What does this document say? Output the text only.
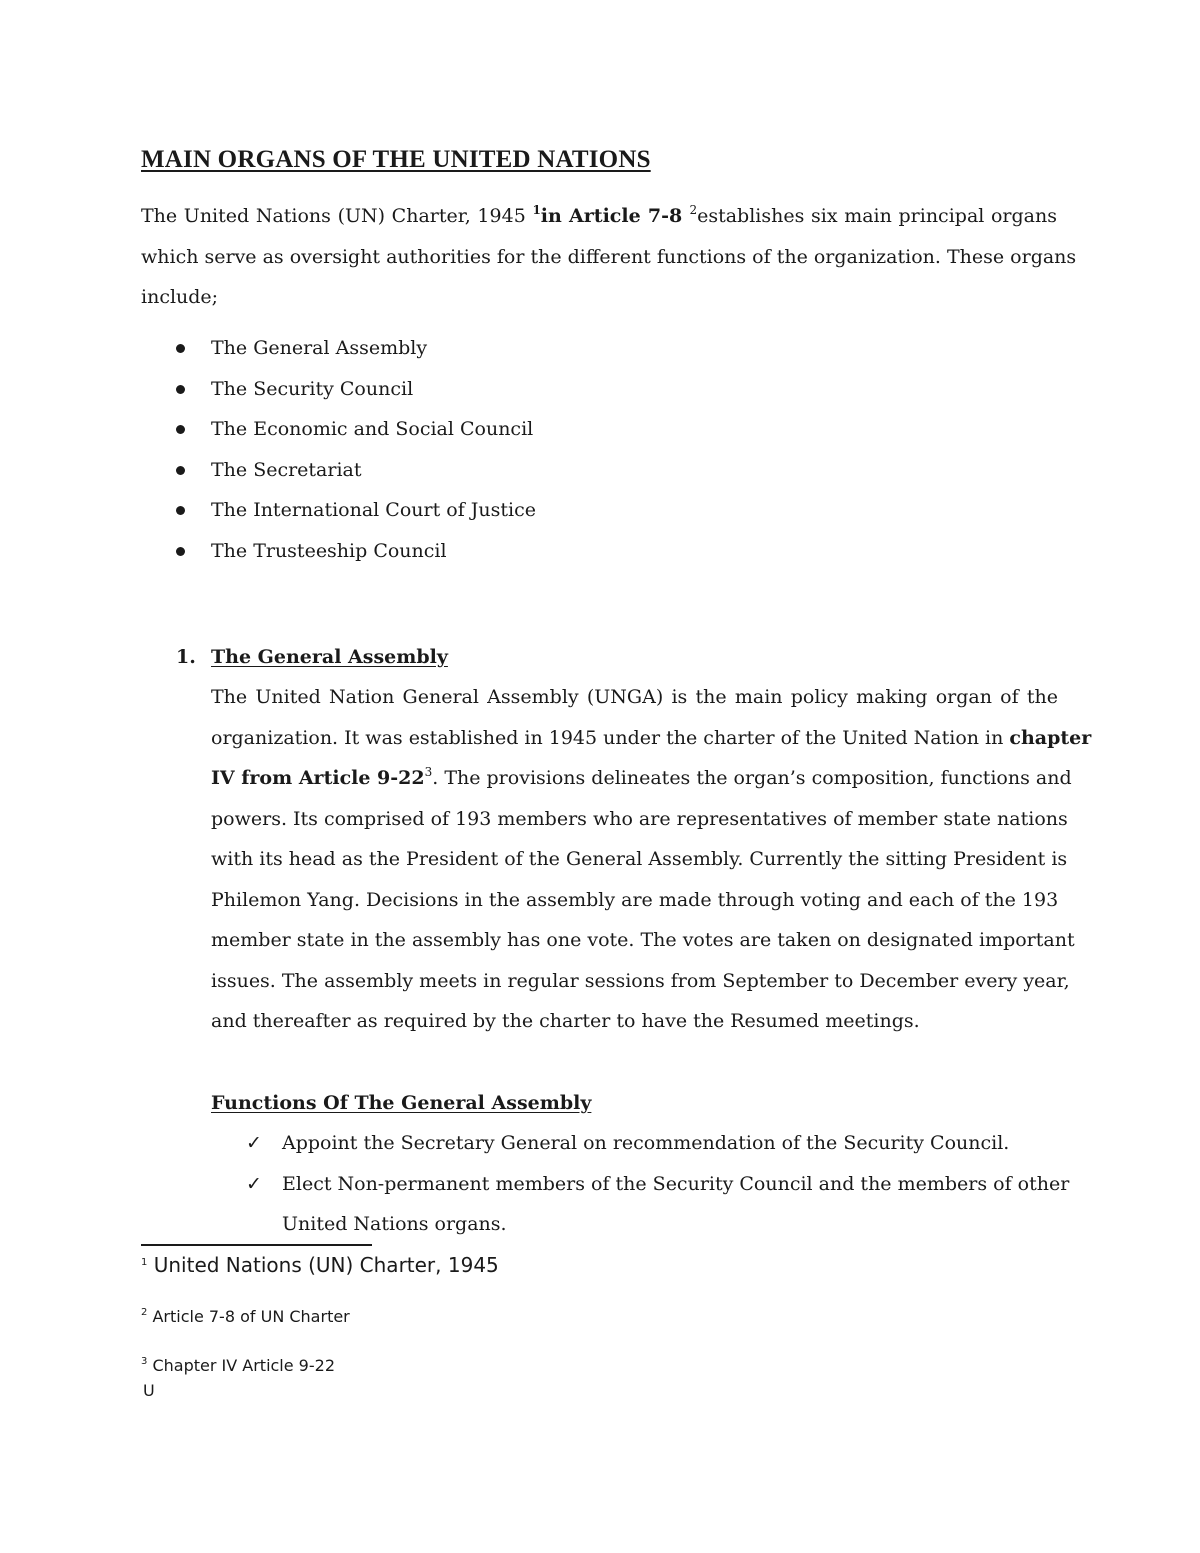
MAIN ORGANS OF THE UNITED NATIONS
The United Nations (UN) Charter, 1945 $^1$in Article 7-8 $^2$establishes six main principal organs
which serve as oversight authorities for the different functions of the organization. These organs
include;
The General Assembly
The Security Council
The Economic and Social Council
The Secretariat
The International Court of Justice
The Trusteeship Council
1. The General Assembly
The United Nation General Assembly (UNGA) is the main policy making organ of the
organization. It was established in 1945 under the charter of the United Nation in chapter
IV from Article $9-22^3$. The provisions delineates the organ’s composition, functions and
powers. Its comprised of 193 members who are representatives of member state nations
with its head as the President of the General Assembly. Currently the sitting President is
Philemon Yang. Decisions in the assembly are made through voting and each of the 193
member state in the assembly has one vote. The votes are taken on designated important
issues. The assembly meets in regular sessions from September to December every year,
and thereafter as required by the charter to have the Resumed meetings.
Functions Of The General Assembly
✓ Appoint the Secretary General on recommendation of the Security Council.
✓ Elect Non-permanent members of the Security Council and the members of other
United Nations organs.
$^1$ United Nations (UN) Charter, 1945
$^2$ Article 7-8 of UN Charter
$^3$ Chapter IV Article 9-22
U
